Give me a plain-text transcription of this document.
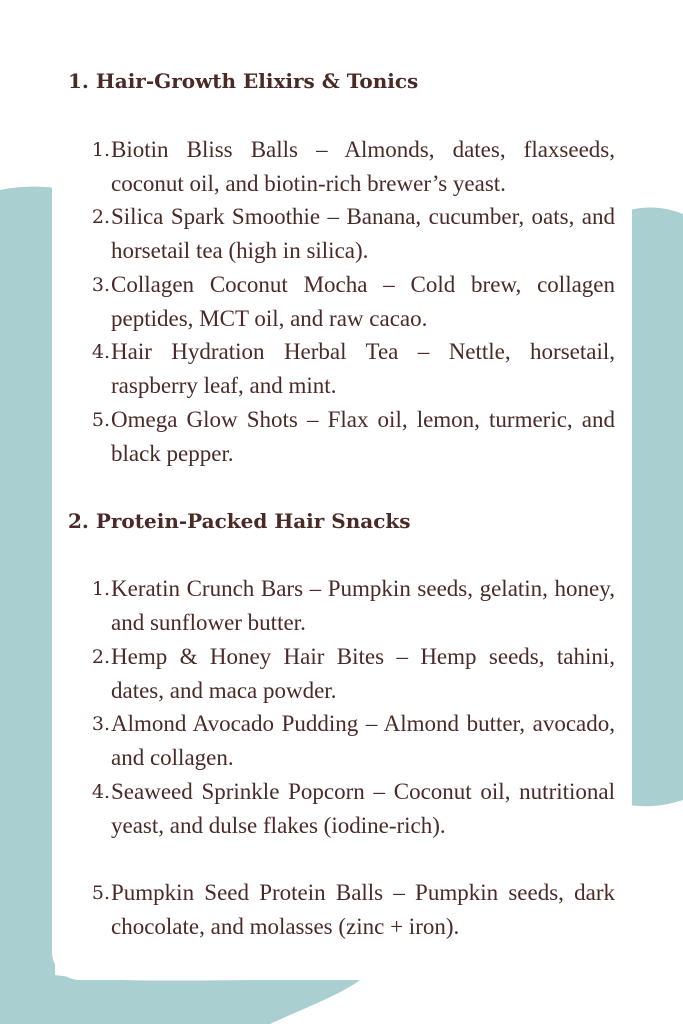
1. Hair-Growth Elixirs & Tonics
1. Biotin Bliss Balls – Almonds, dates, flaxseeds, coconut oil, and biotin-rich brewer’s yeast.
2. Silica Spark Smoothie – Banana, cucumber, oats, and horsetail tea (high in silica).
3. Collagen Coconut Mocha – Cold brew, collagen peptides, MCT oil, and raw cacao.
4. Hair Hydration Herbal Tea – Nettle, horsetail, raspberry leaf, and mint.
5. Omega Glow Shots – Flax oil, lemon, turmeric, and black pepper.
2. Protein-Packed Hair Snacks
1. Keratin Crunch Bars – Pumpkin seeds, gelatin, honey, and sunflower butter.
2. Hemp & Honey Hair Bites – Hemp seeds, tahini, dates, and maca powder.
3. Almond Avocado Pudding – Almond butter, avocado, and collagen.
4. Seaweed Sprinkle Popcorn – Coconut oil, nutritional yeast, and dulse flakes (iodine-rich).
5. Pumpkin Seed Protein Balls – Pumpkin seeds, dark chocolate, and molasses (zinc + iron).
